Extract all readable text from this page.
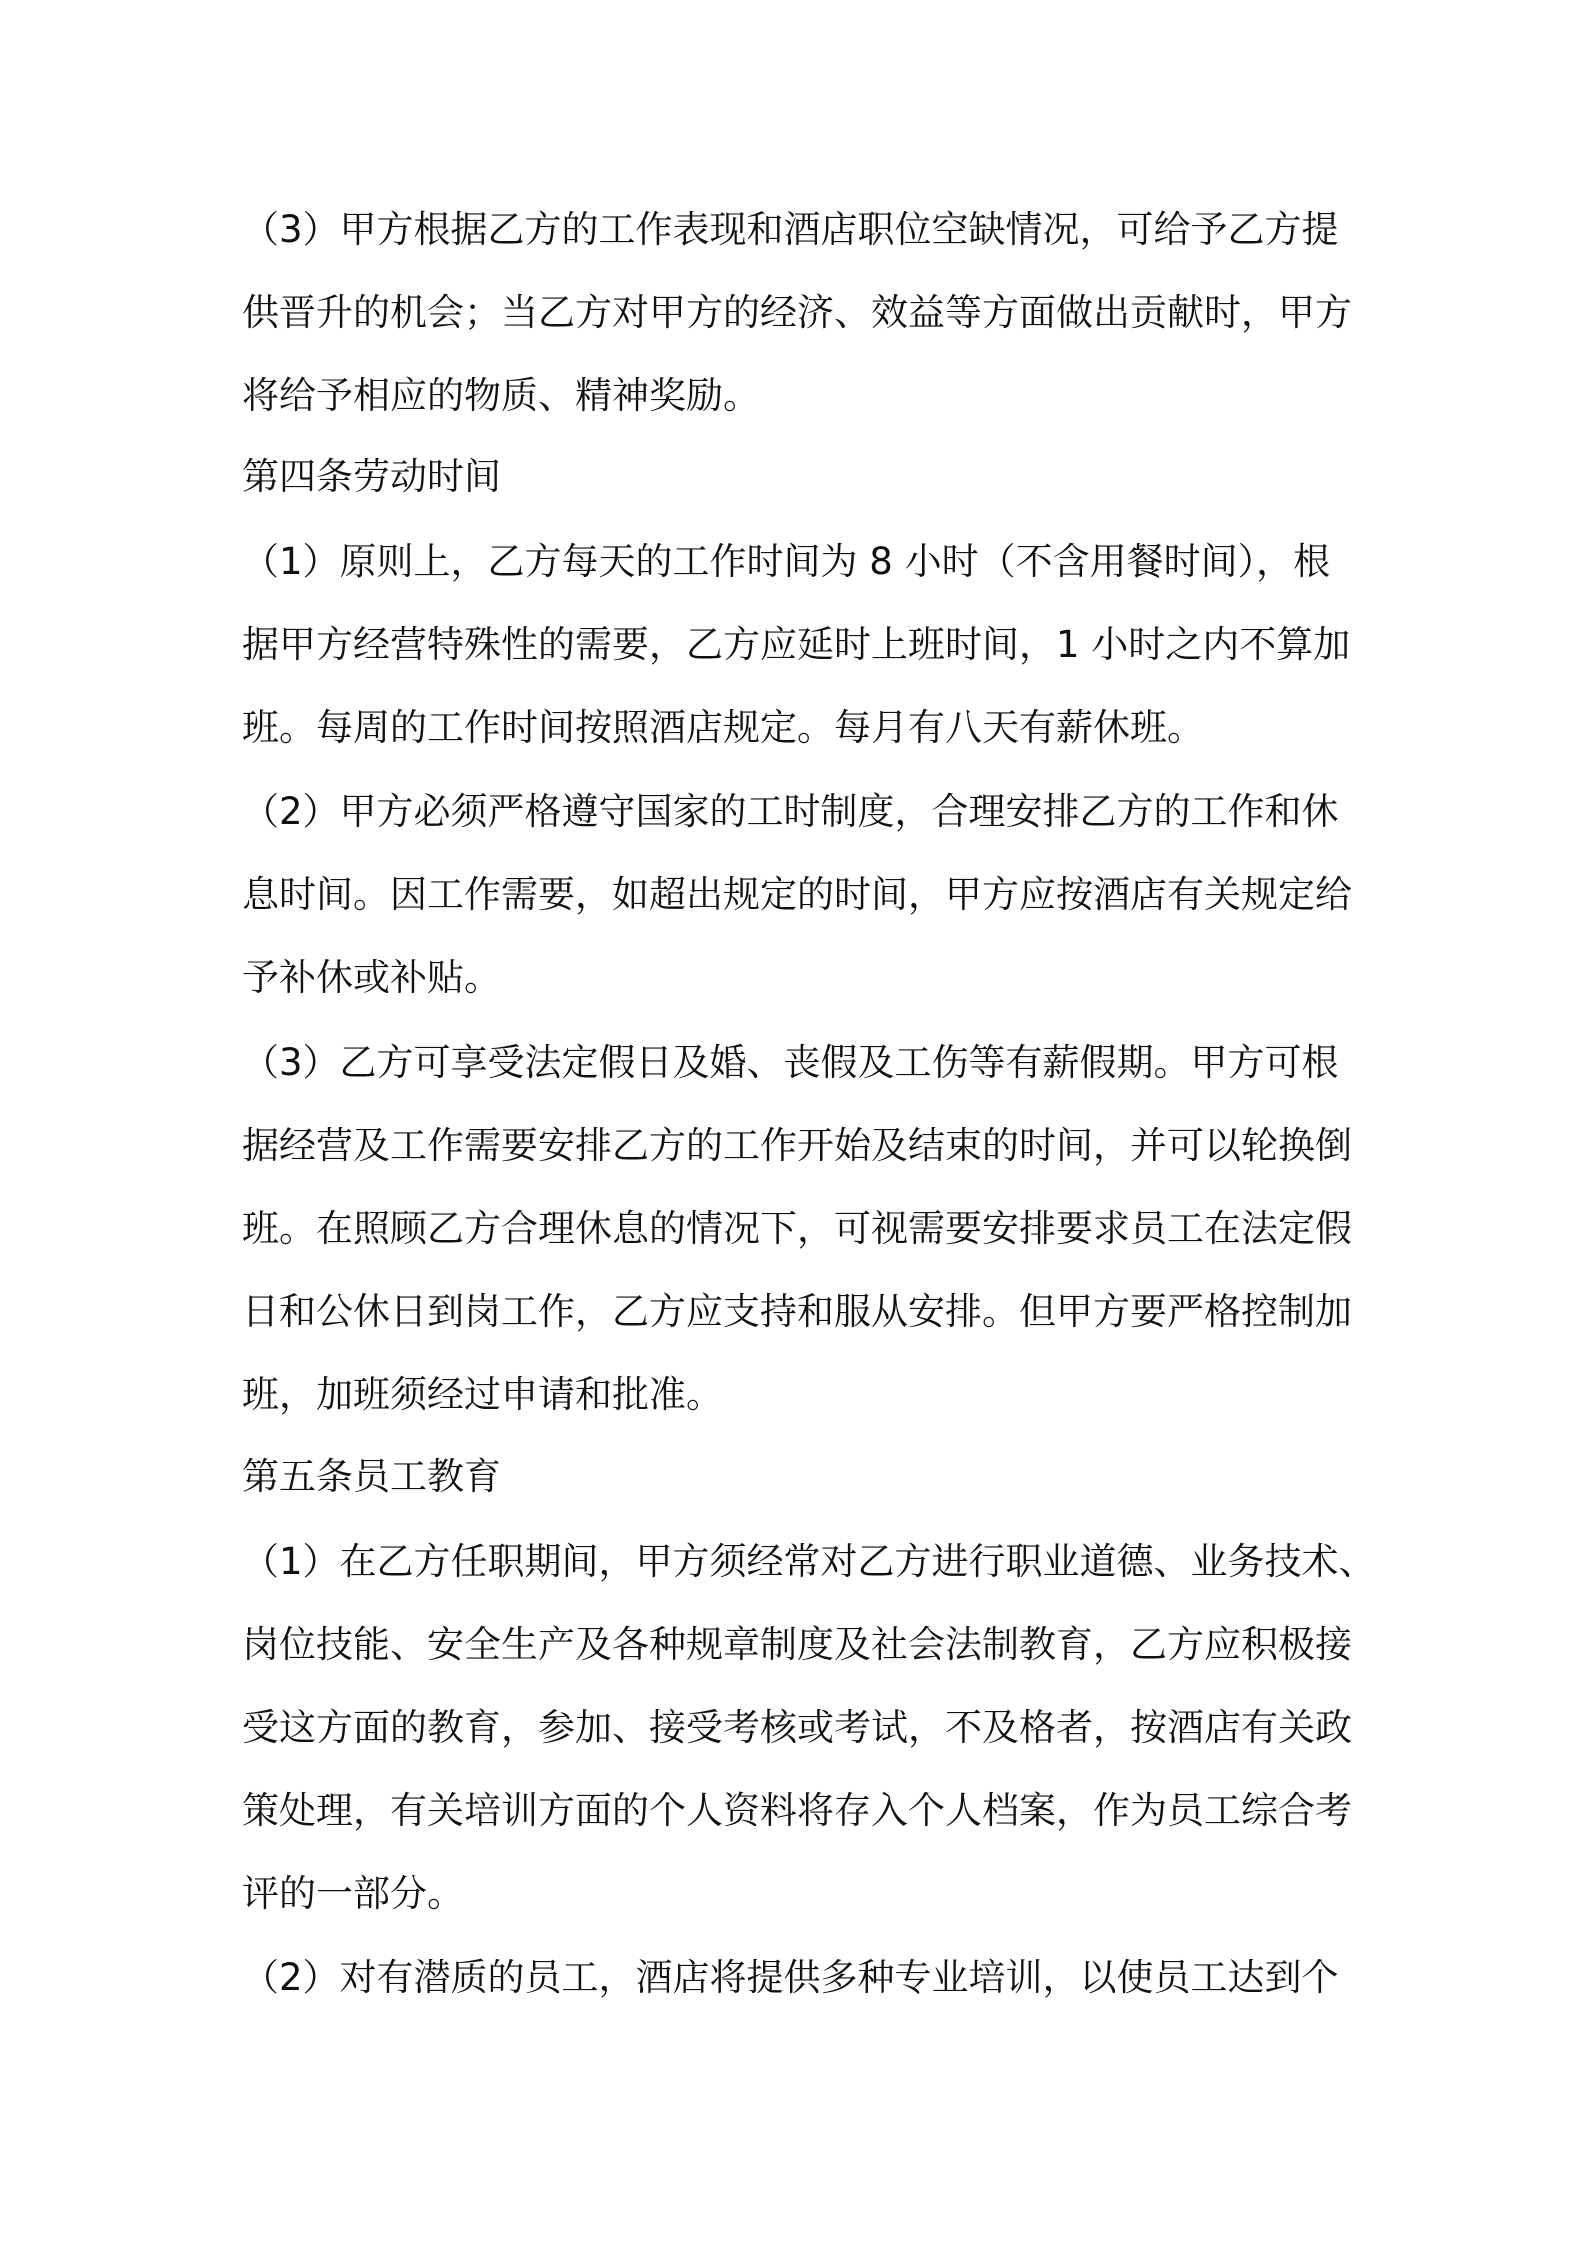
（3）甲方根据乙方的工作表现和酒店职位空缺情况，可给予乙方提

供晋升的机会；当乙方对甲方的经济、效益等方面做出贡献时，甲方

将给予相应的物质、精神奖励。

第四条劳动时间

（1）原则上，乙方每天的工作时间为 8 小时（不含用餐时间），根

据甲方经营特殊性的需要，乙方应延时上班时间，1 小时之内不算加

班。每周的工作时间按照酒店规定。每月有八天有薪休班。

（2）甲方必须严格遵守国家的工时制度，合理安排乙方的工作和休

息时间。因工作需要，如超出规定的时间，甲方应按酒店有关规定给

予补休或补贴。

（3）乙方可享受法定假日及婚、丧假及工伤等有薪假期。甲方可根

据经营及工作需要安排乙方的工作开始及结束的时间，并可以轮换倒

班。在照顾乙方合理休息的情况下，可视需要安排要求员工在法定假

日和公休日到岗工作，乙方应支持和服从安排。但甲方要严格控制加

班，加班须经过申请和批准。

第五条员工教育

（1）在乙方任职期间，甲方须经常对乙方进行职业道德、业务技术、

岗位技能、安全生产及各种规章制度及社会法制教育，乙方应积极接

受这方面的教育，参加、接受考核或考试，不及格者，按酒店有关政

策处理，有关培训方面的个人资料将存入个人档案，作为员工综合考

评的一部分。

（2）对有潜质的员工，酒店将提供多种专业培训，以使员工达到个
